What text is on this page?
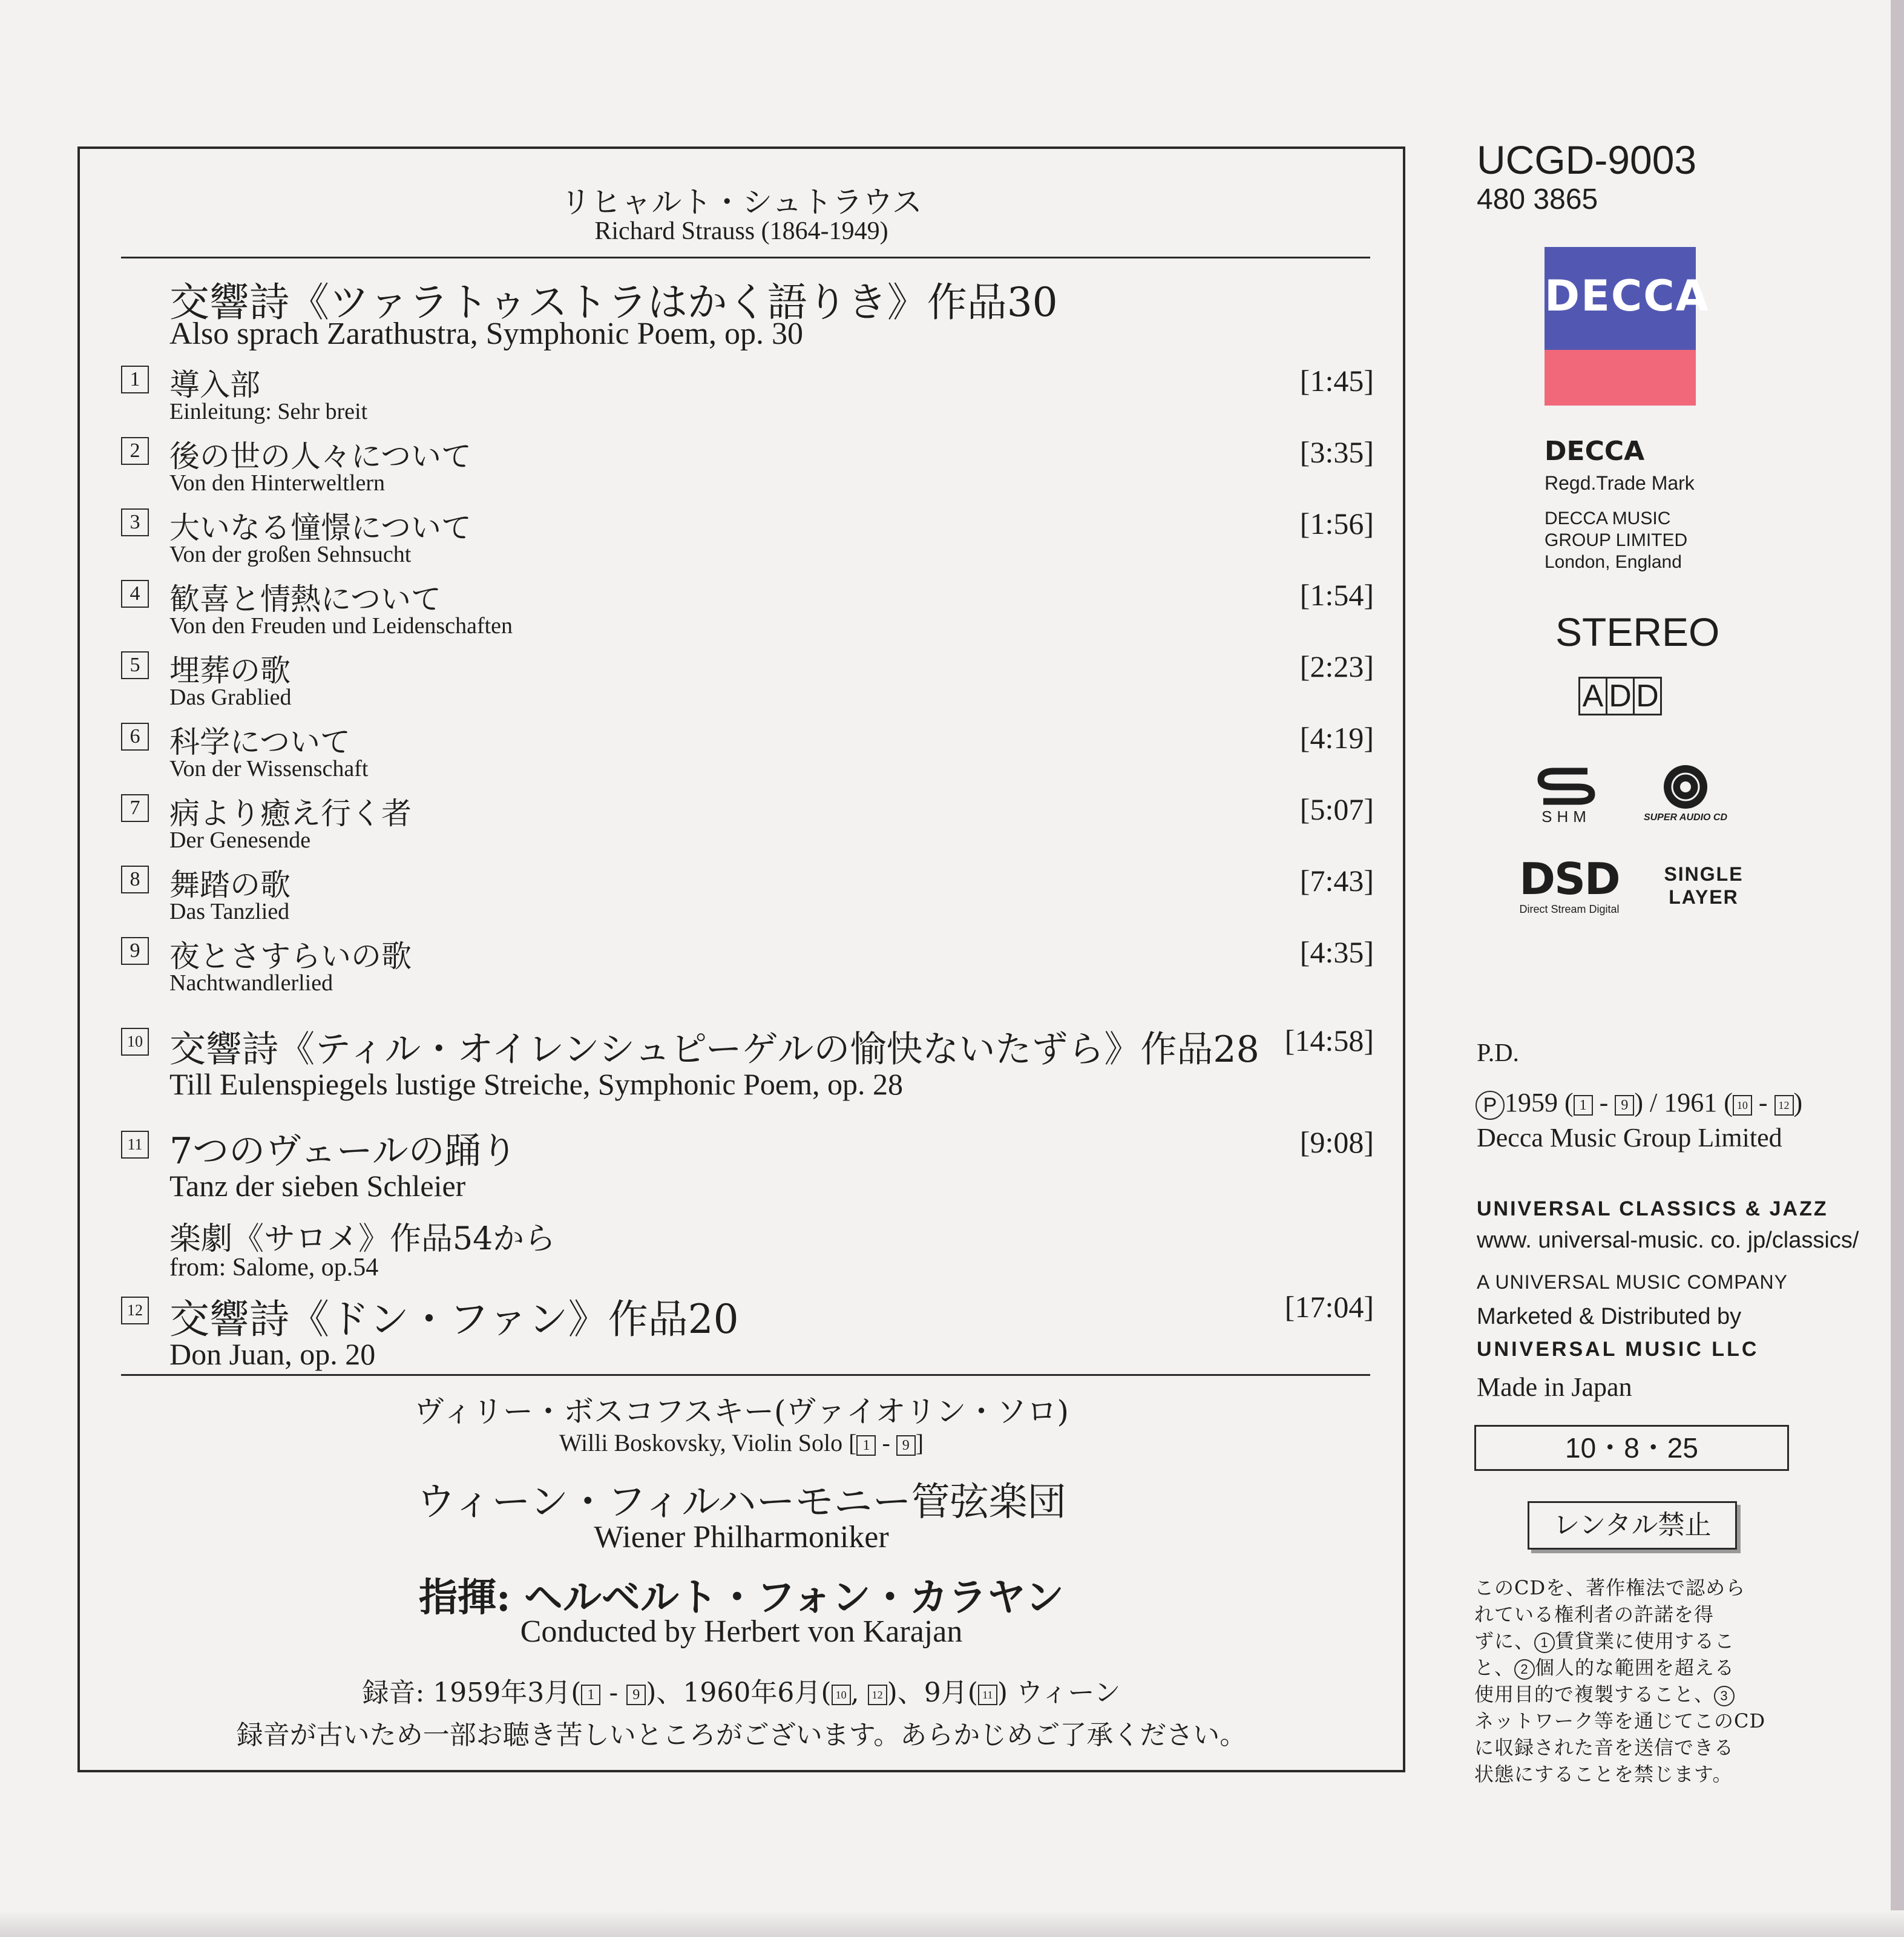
リヒャルト・シュトラウス
Richard Strauss (1864-1949)
交響詩《ツァラトゥストラはかく語りき》作品30
Also sprach Zarathustra, Symphonic Poem, op. 30
1 導入部
Einleitung: Sehr breit
[1:45]
2 後の世の人々について
Von den Hinterweltlern
[3:35]
3 大いなる憧憬について
Von der großen Sehnsucht
[1:56]
4 歓喜と情熱について
Von den Freuden und Leidenschaften
[1:54]
5 埋葬の歌
Das Grablied
[2:23]
6 科学について
Von der Wissenschaft
[4:19]
7 病より癒え行く者
Der Genesende
[5:07]
8 舞踏の歌
Das Tanzlied
[7:43]
9 夜とさすらいの歌
Nachtwandlerlied
[4:35]
10 交響詩《ティル・オイレンシュピーゲルの愉快ないたずら》作品28
Till Eulenspiegels lustige Streiche, Symphonic Poem, op. 28
[14:58]
11 7つのヴェールの踊り
Tanz der sieben Schleier
楽劇《サロメ》作品54から
from: Salome, op.54
[9:08]
12 交響詩《ドン・ファン》作品20
Don Juan, op. 20
[17:04]
ヴィリー・ボスコフスキー(ヴァイオリン・ソロ)
Willi Boskovsky, Violin Solo [ 1 - 9 ]
ウィーン・フィルハーモニー管弦楽団
Wiener Philharmoniker
指揮: ヘルベルト・フォン・カラヤン
Conducted by Herbert von Karajan
録音: 1959年3月( 1 - 9 )、1960年6月( 10 , 12 )、9月( 11 ) ウィーン
録音が古いため一部お聴き苦しいところがございます。あらかじめご了承ください。
UCGD-9003
480 3865
DECCA
DECCA
Regd.Trade Mark
DECCA MUSIC
GROUP LIMITED
London, England
STEREO
A D D
SHM	SUPER AUDIO CD
DSD
Direct Stream Digital
SINGLE
LAYER
P.D.
P 1959 ( 1 - 9 ) / 1961 ( 10 - 12 )
Decca Music Group Limited
UNIVERSAL CLASSICS & JAZZ
www. universal-music. co. jp/classics/
A UNIVERSAL MUSIC COMPANY
Marketed & Distributed by
UNIVERSAL MUSIC LLC
Made in Japan
10・8・25
レンタル禁止
このCDを、著作権法で認めら
れている権利者の許諾を得
ずに、 1 賃貸業に使用するこ
と、 2 個人的な範囲を超える
使用目的で複製すること、 3
ネットワーク等を通じてこのCD
に収録された音を送信できる
状態にすることを禁じます。
